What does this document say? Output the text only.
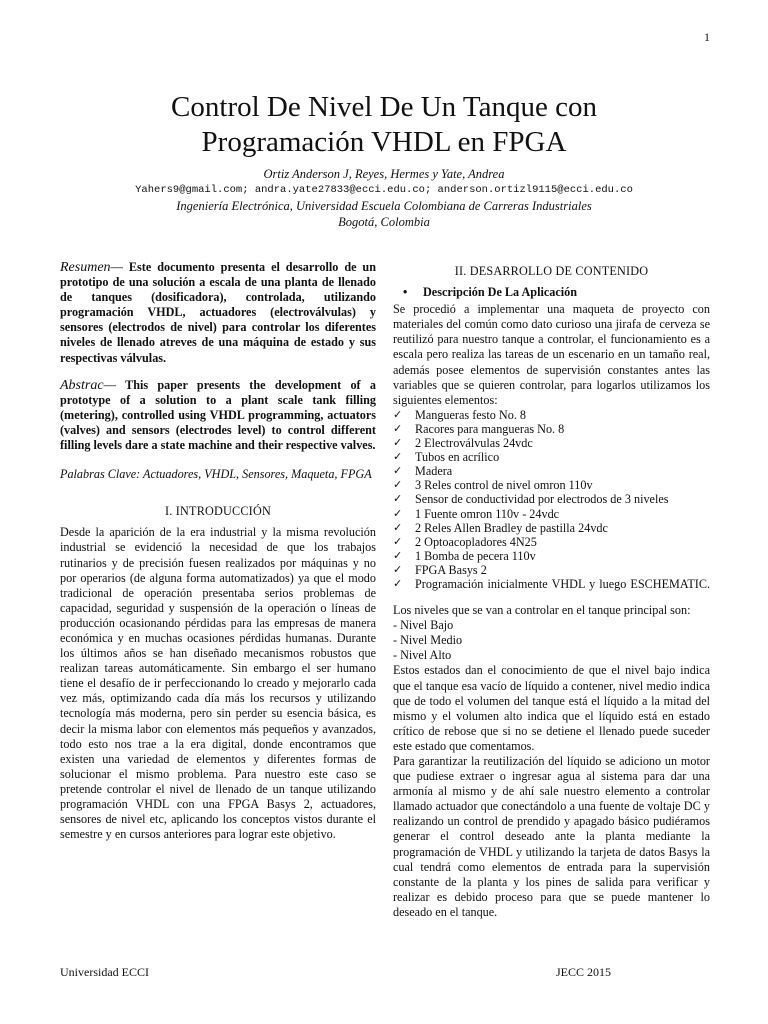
1
Control De Nivel De Un Tanque con
Programación VHDL en FPGA
Ortiz Anderson J, Reyes, Hermes y Yate, Andrea
Yahers9@gmail.com; andra.yate27833@ecci.edu.co; anderson.ortizl9115@ecci.edu.co
Ingeniería Electrónica, Universidad Escuela Colombiana de Carreras Industriales
Bogotá, Colombia

Resumen— Este documento presenta el desarrollo de un prototipo de una solución a escala de una planta de llenado de tanques (dosificadora), controlada, utilizando programación VHDL, actuadores (electroválvulas) y sensores (electrodos de nivel) para controlar los diferentes niveles de llenado atreves de una máquina de estado y sus respectivas válvulas.

Abstrac— This paper presents the development of a prototype of a solution to a plant scale tank filling (metering), controlled using VHDL programming, actuators (valves) and sensors (electrodes level) to control different filling levels dare a state machine and their respective valves.

Palabras Clave: Actuadores, VHDL, Sensores, Maqueta, FPGA

I. INTRODUCCIÓN

Desde la aparición de la era industrial y la misma revolución industrial se evidenció la necesidad de que los trabajos rutinarios y de precisión fuesen realizados por máquinas y no por operarios (de alguna forma automatizados) ya que el modo tradicional de operación presentaba serios problemas de capacidad, seguridad y suspensión de la operación o líneas de producción ocasionando pérdidas para las empresas de manera económica y en muchas ocasiones pérdidas humanas. Durante los últimos años se han diseñado mecanismos robustos que realizan tareas automáticamente. Sin embargo el ser humano tiene el desafío de ir perfeccionando lo creado y mejorarlo cada vez más, optimizando cada día más los recursos y utilizando tecnología más moderna, pero sin perder su esencia básica, es decir la misma labor con elementos más pequeños y avanzados, todo esto nos trae a la era digital, donde encontramos que existen una variedad de elementos y diferentes formas de solucionar el mismo problema. Para nuestro este caso se pretende controlar el nivel de llenado de un tanque utilizando programación VHDL con una FPGA Basys 2, actuadores, sensores de nivel etc, aplicando los conceptos vistos durante el semestre y en cursos anteriores para lograr este objetivo.

II. DESARROLLO DE CONTENIDO
•	Descripción De La Aplicación

Se procedió a implementar una maqueta de proyecto con materiales del común como dato curioso una jirafa de cerveza se reutilizó para nuestro tanque a controlar, el funcionamiento es a escala pero realiza las tareas de un escenario en un tamaño real, además posee elementos de supervisión constantes antes las variables que se quieren controlar, para logarlos utilizamos los siguientes elementos:

✓	Mangueras festo No. 8
✓	Racores para mangueras No. 8
✓	2 Electroválvulas 24vdc
✓	Tubos en acrílico
✓	Madera
✓	3 Reles control de nivel omron 110v
✓	Sensor de conductividad por electrodos de 3 niveles
✓	1 Fuente omron 110v - 24vdc
✓	2 Reles Allen Bradley de pastilla 24vdc
✓	2 Optoacopladores 4N25
✓	1 Bomba de pecera 110v
✓	FPGA Basys 2
✓	Programación inicialmente VHDL y luego ESCHEMATIC.

Los niveles que se van a controlar en el tanque principal son:

- Nivel Bajo

- Nivel Medio

- Nivel Alto

Estos estados dan el conocimiento de que el nivel bajo indica que el tanque esa vacío de líquido a contener, nivel medio indica que de todo el volumen del tanque está el líquido a la mitad del mismo y el volumen alto indica que el líquido está en estado crítico de rebose que si no se detiene el llenado puede suceder este estado que comentamos.

Para garantizar la reutilización del líquido se adiciono un motor que pudiese extraer o ingresar agua al sistema para dar una armonía al mismo y de ahí sale nuestro elemento a controlar llamado actuador que conectándolo a una fuente de voltaje DC y realizando un control de prendido y apagado básico pudiéramos generar el control deseado ante la planta mediante la programación de VHDL y utilizando la tarjeta de datos Basys la cual tendrá como elementos de entrada para la supervisión constante de la planta y los pines de salida para verificar y realizar es debido proceso para que se puede mantener lo deseado en el tanque.

Universidad ECCI	JECC 2015
